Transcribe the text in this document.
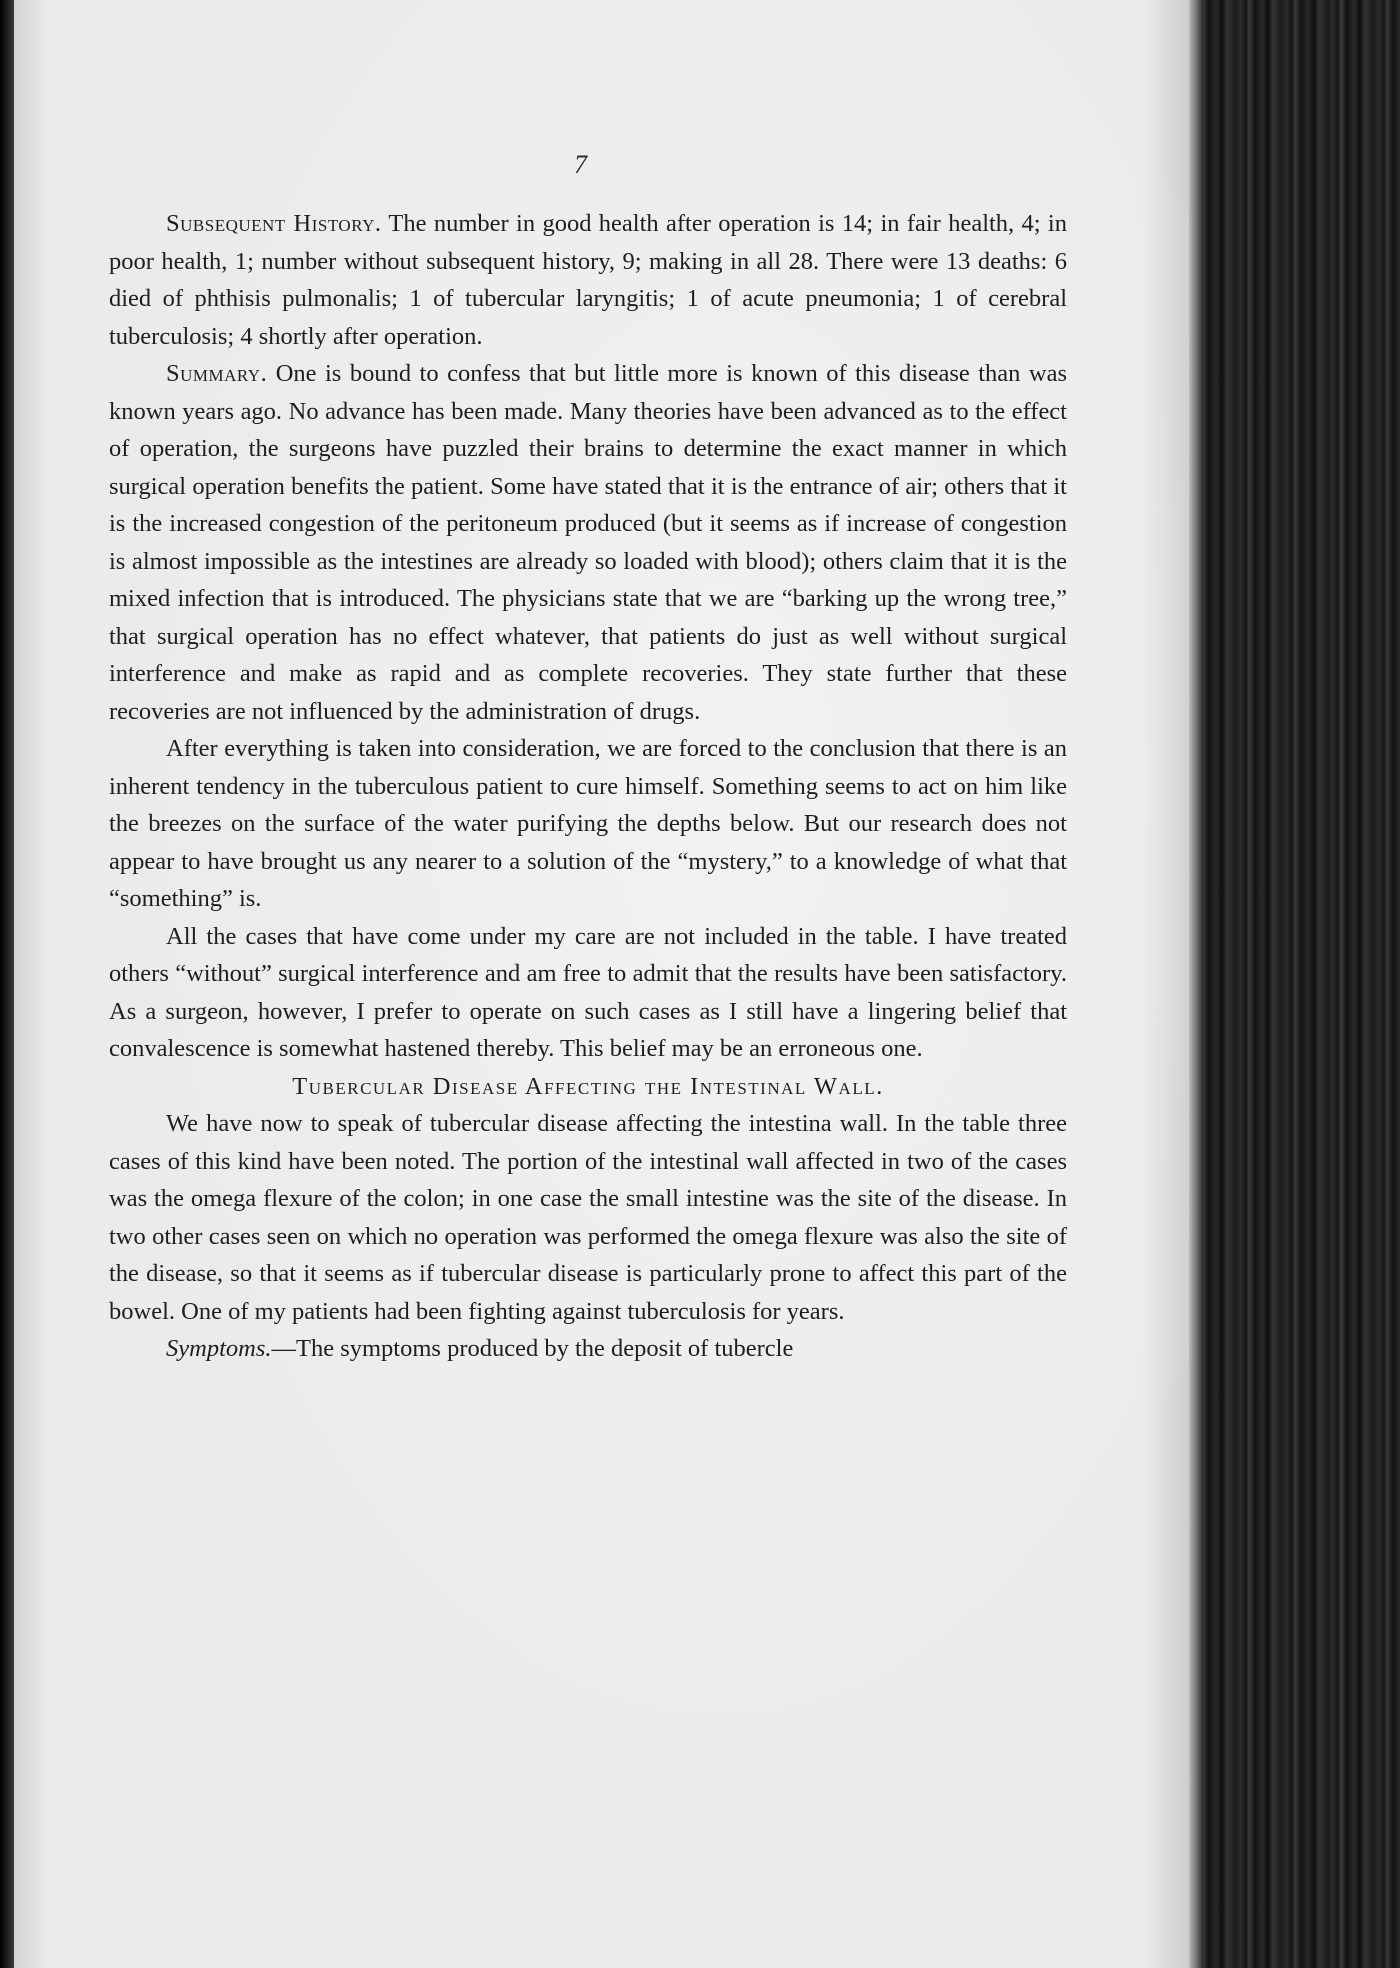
7

Subsequent History. The number in good health after operation is 14; in fair health, 4; in poor health, 1; number without subsequent history, 9; making in all 28. There were 13 deaths: 6 died of phthisis pulmonalis; 1 of tubercular laryngitis; 1 of acute pneumonia; 1 of cerebral tuberculosis; 4 shortly after operation.

Summary. One is bound to confess that but little more is known of this disease than was known years ago. No advance has been made. Many theories have been advanced as to the effect of operation, the surgeons have puzzled their brains to determine the exact manner in which surgical operation benefits the patient. Some have stated that it is the entrance of air; others that it is the increased congestion of the peritoneum produced (but it seems as if increase of congestion is almost impossible as the intestines are already so loaded with blood); others claim that it is the mixed infection that is introduced. The physicians state that we are “barking up the wrong tree,” that surgical operation has no effect whatever, that patients do just as well without surgical interference and make as rapid and as complete recoveries. They state further that these recoveries are not influenced by the administration of drugs.

After everything is taken into consideration, we are forced to the conclusion that there is an inherent tendency in the tuberculous patient to cure himself. Something seems to act on him like the breezes on the surface of the water purifying the depths below. But our research does not appear to have brought us any nearer to a solution of the “mystery,” to a knowledge of what that “something” is.

All the cases that have come under my care are not included in the table. I have treated others “without” surgical interference and am free to admit that the results have been satisfactory. As a surgeon, however, I prefer to operate on such cases as I still have a lingering belief that convalescence is somewhat hastened thereby. This belief may be an erroneous one.

Tubercular Disease Affecting the Intestinal Wall.

We have now to speak of tubercular disease affecting the intestina wall. In the table three cases of this kind have been noted. The portion of the intestinal wall affected in two of the cases was the omega flexure of the colon; in one case the small intestine was the site of the disease. In two other cases seen on which no operation was performed the omega flexure was also the site of the disease, so that it seems as if tubercular disease is particularly prone to affect this part of the bowel. One of my patients had been fighting against tuberculosis for years.

Symptoms.—The symptoms produced by the deposit of tubercle
